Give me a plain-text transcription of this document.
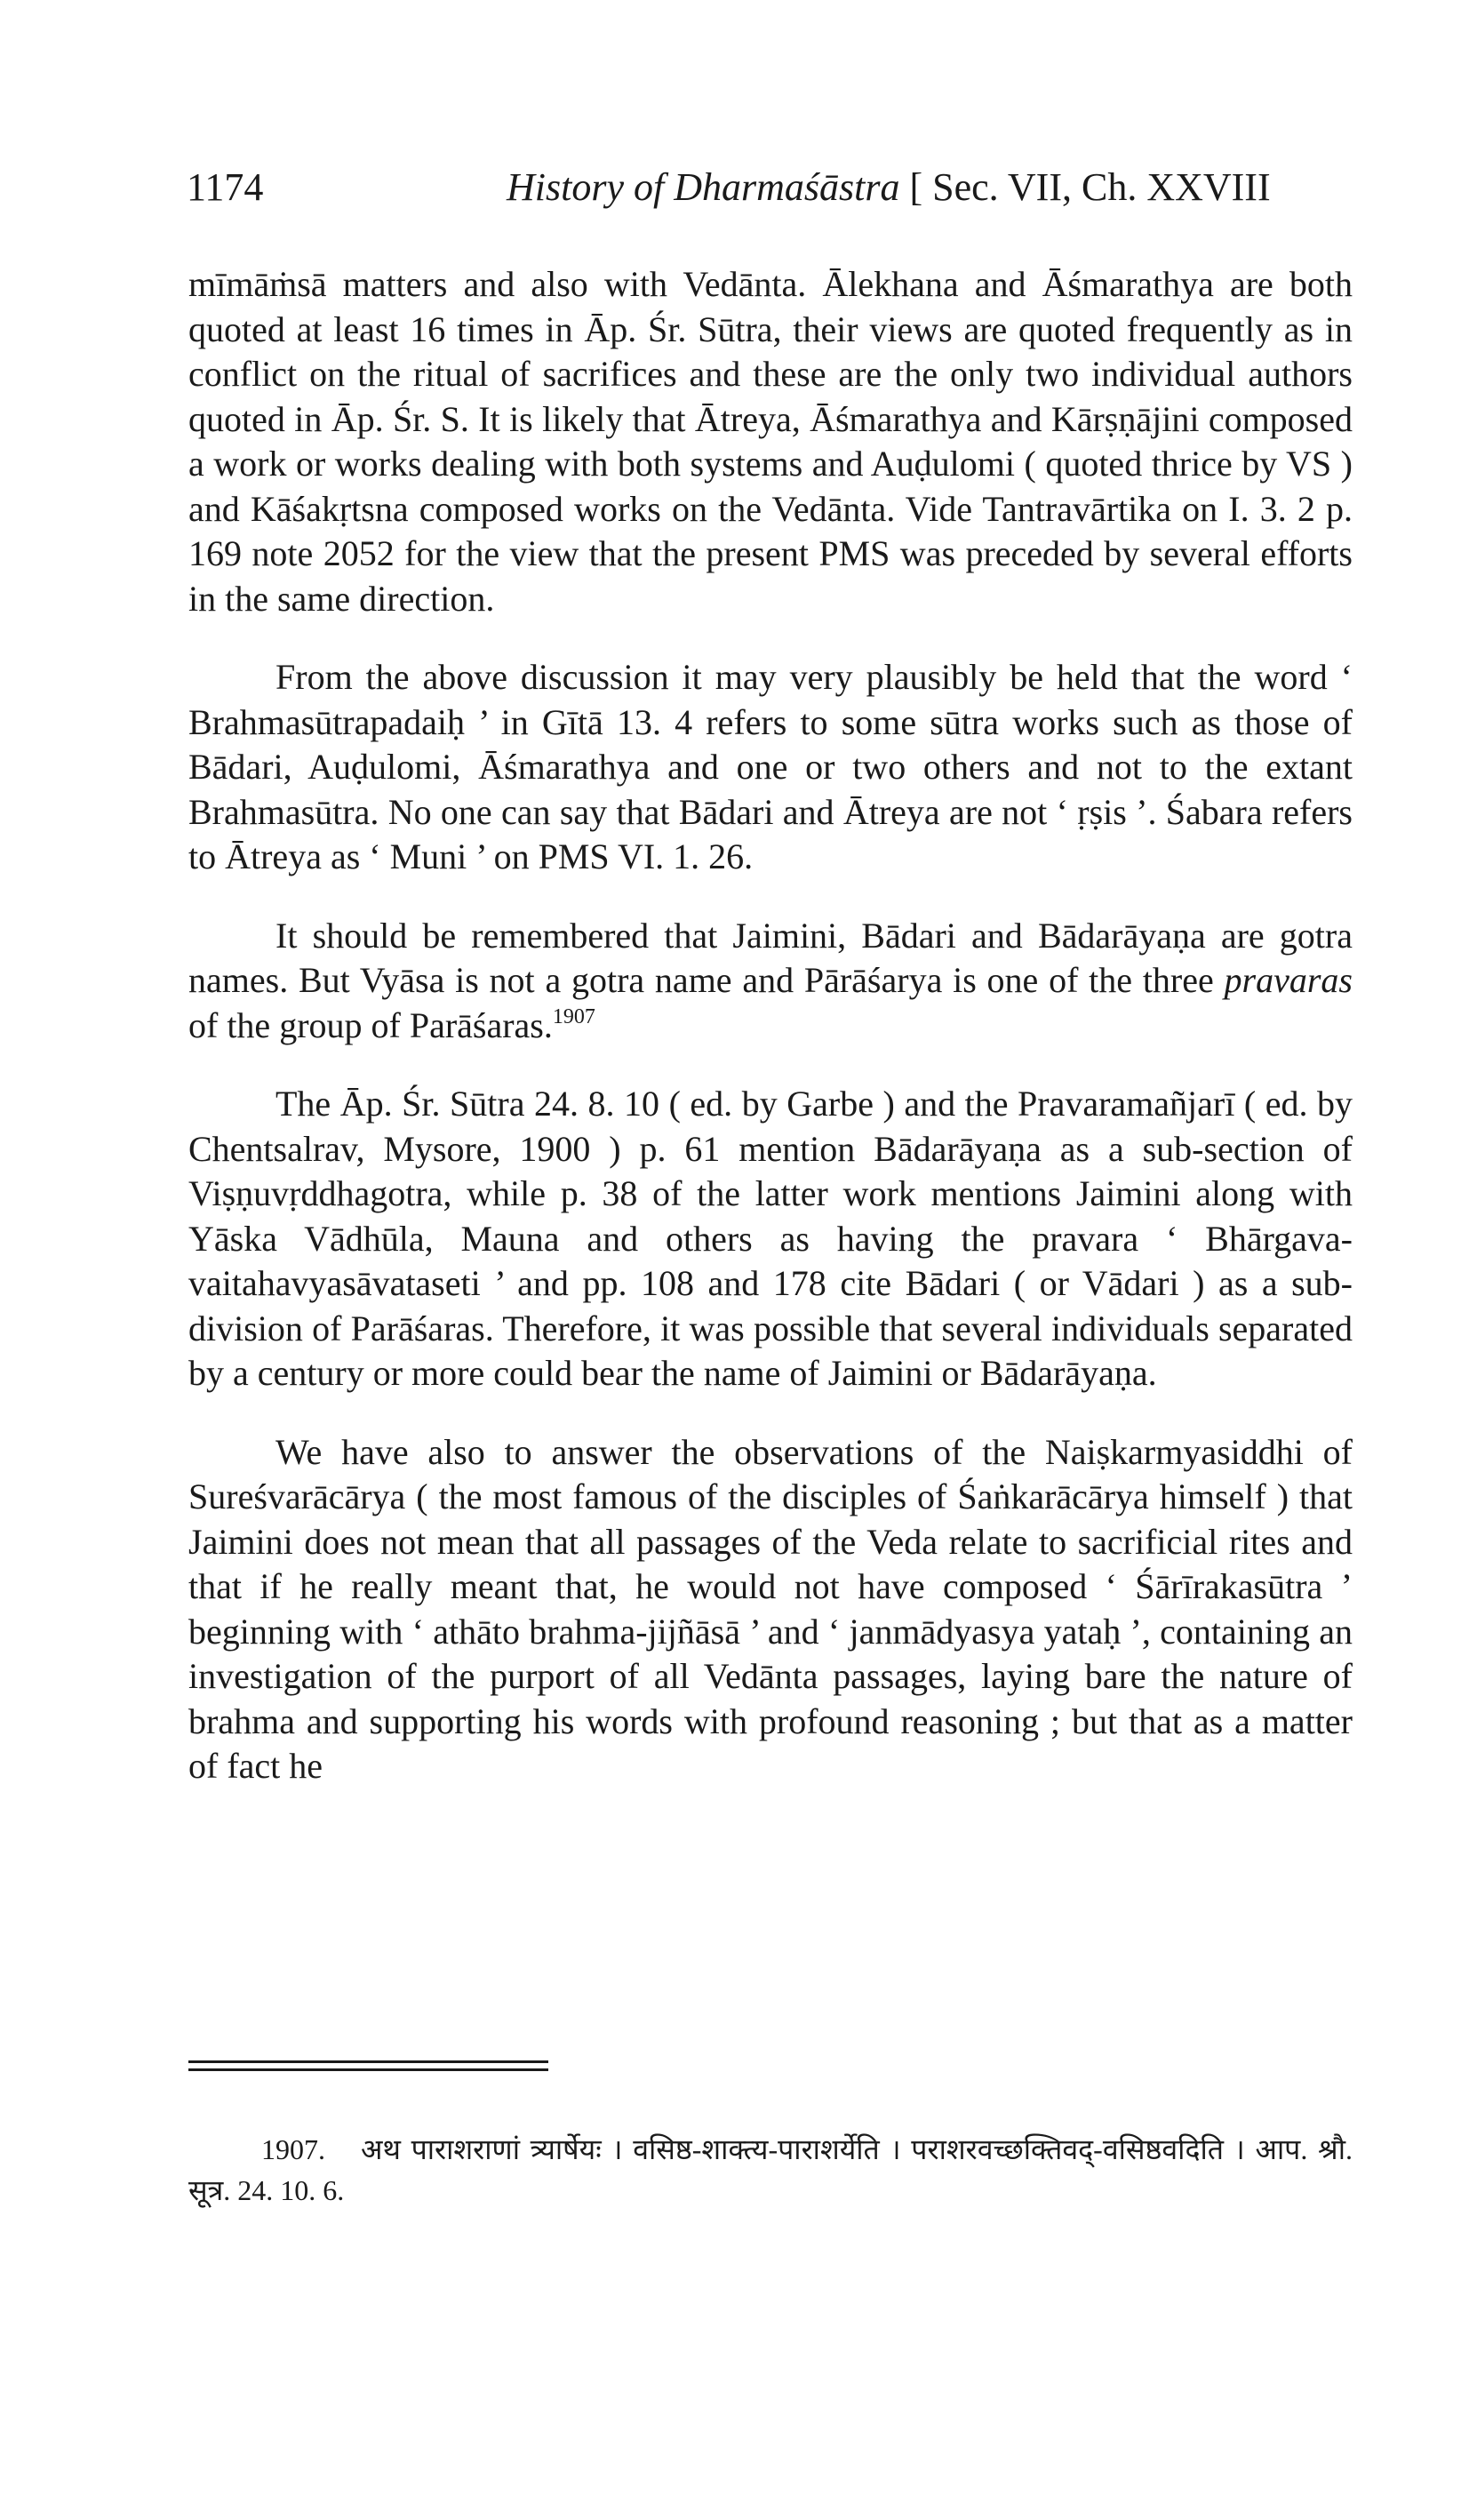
1174	History of Dharmaśāstra [ Sec. VII, Ch. XXVIII

mīmāṁsā matters and also with Vedānta. Ālekhana and Āśmarathya are both quoted at least 16 times in Āp. Śr. Sūtra, their views are quoted frequently as in conflict on the ritual of sacrifices and these are the only two individual authors quoted in Āp. Śr. S. It is likely that Ātreya, Āśmarathya and Kārṣṇājini composed a work or works dealing with both systems and Auḍulomi ( quoted thrice by VS ) and Kāśakṛtsna composed works on the Vedānta. Vide Tantravārtika on I. 3. 2 p. 169 note 2052 for the view that the present PMS was preceded by several efforts in the same direction.

From the above discussion it may very plausibly be held that the word ‘ Brahmasūtrapadaiḥ ’ in Gītā 13. 4 refers to some sūtra works such as those of Bādari, Auḍulomi, Āśmarathya and one or two others and not to the extant Brahmasūtra. No one can say that Bādari and Ātreya are not ‘ ṛṣis ’. Śabara refers to Ātreya as ‘ Muni ’ on PMS VI. 1. 26.

It should be remembered that Jaimini, Bādari and Bādarāyaṇa are gotra names. But Vyāsa is not a gotra name and Pārāśarya is one of the three pravaras of the group of Parāśaras.$^{1907}$

The Āp. Śr. Sūtra 24. 8. 10 ( ed. by Garbe ) and the Pravaramañjarī ( ed. by Chentsalrav, Mysore, 1900 ) p. 61 mention Bādarāyaṇa as a sub-section of Viṣṇuvṛddhagotra, while p. 38 of the latter work mentions Jaimini along with Yāska Vādhūla, Mauna and others as having the pravara ‘ Bhārgava-vaitahavyasāvataseti ’ and pp. 108 and 178 cite Bādari ( or Vādari ) as a sub-division of Parāśaras. Therefore, it was possible that several individuals separated by a century or more could bear the name of Jaimini or Bādarāyaṇa.

We have also to answer the observations of the Naiṣkarmyasiddhi of Sureśvarācārya ( the most famous of the disciples of Śaṅkarācārya himself ) that Jaimini does not mean that all passages of the Veda relate to sacrificial rites and that if he really meant that, he would not have composed ‘ Śārīrakasūtra ’ beginning with ‘ athāto brahma-jijñāsā ’ and ‘ janmādyasya yataḥ ’, containing an investigation of the purport of all Vedānta passages, laying bare the nature of brahma and supporting his words with profound reasoning ; but that as a matter of fact he

1907. अथ पाराशराणां त्र्यार्षेयः । वसिष्ठ-शाक्त्य-पाराशर्येति । पराशरवच्छक्तिवद्-वसिष्ठवदिति । आप. श्रौ. सूत्र. 24. 10. 6.
